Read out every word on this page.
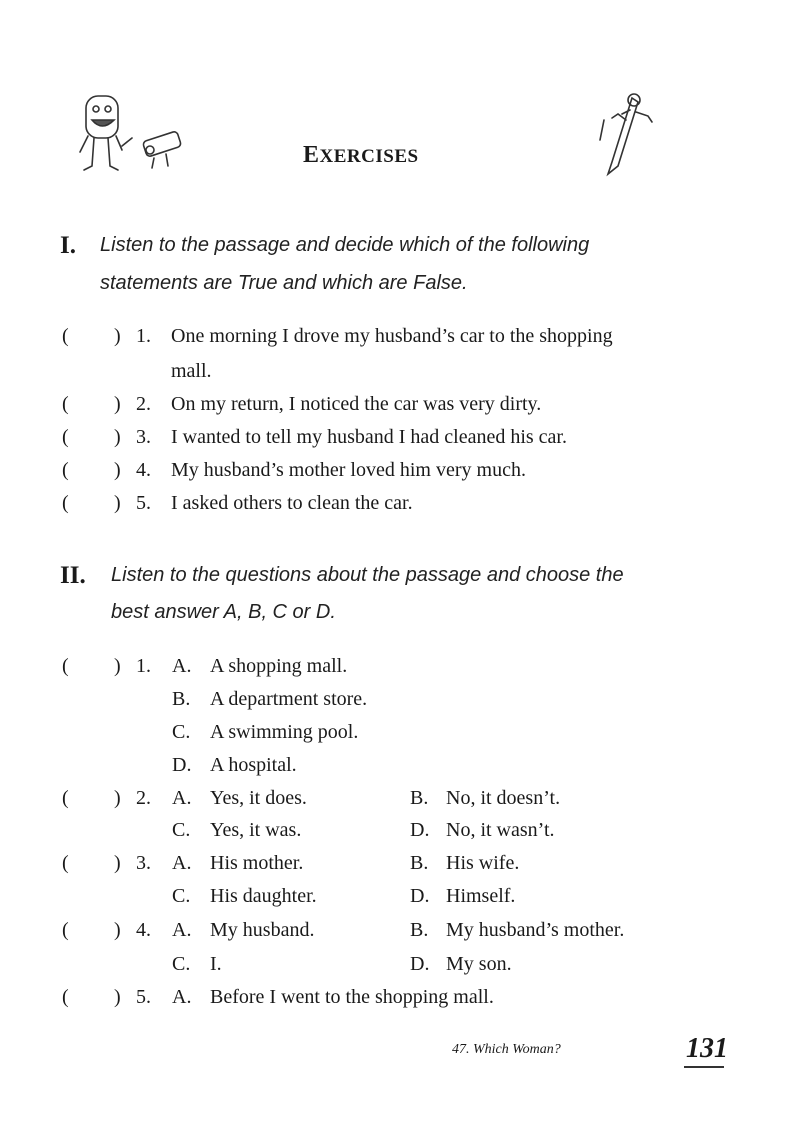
EXERCISES
I. Listen to the passage and decide which of the following
statements are True and which are False.
( ) 1. One morning I drove my husband’s car to the shopping
mall.
( ) 2. On my return, I noticed the car was very dirty.
( ) 3. I wanted to tell my husband I had cleaned his car.
( ) 4. My husband’s mother loved him very much.
( ) 5. I asked others to clean the car.
II. Listen to the questions about the passage and choose the
best answer A, B, C or D.
( ) 1. A. A shopping mall.
B. A department store.
C. A swimming pool.
D. A hospital.
( ) 2. A. Yes, it does.	B. No, it doesn’t.
C. Yes, it was.	D. No, it wasn’t.
( ) 3. A. His mother.	B. His wife.
C. His daughter.	D. Himself.
( ) 4. A. My husband.	B. My husband’s mother.
C. I.	D. My son.
( ) 5. A. Before I went to the shopping mall.
47. Which Woman?	131
